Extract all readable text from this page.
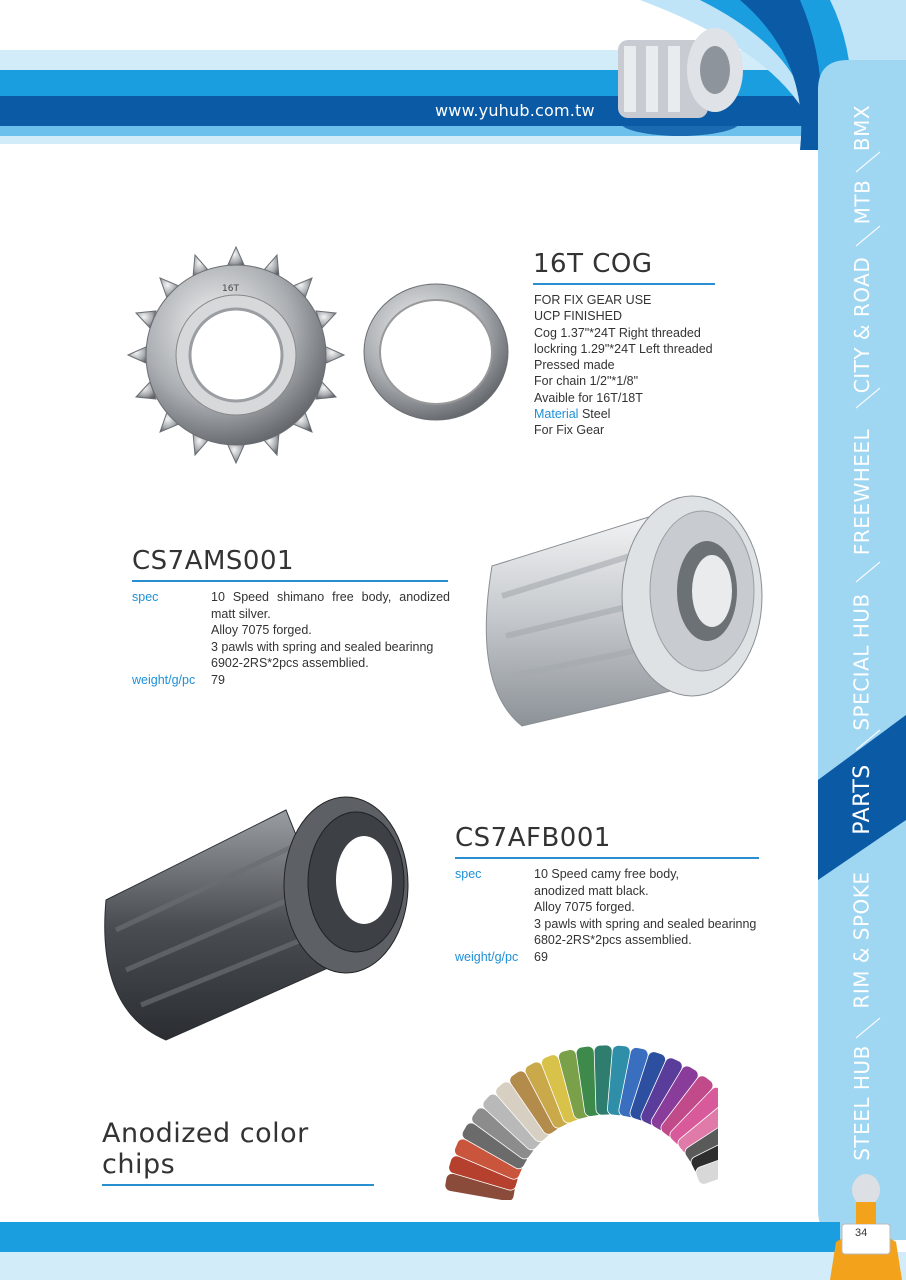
www.yuhub.com.tw	BMX
MTB
CITY & ROAD
FREEWHEEL
SPECIAL HUB
PARTS
RIM & SPOKE
STEEL HUB
16T
16T COG
FOR FIX GEAR USE
UCP FINISHED
Cog 1.37"*24T Right threaded
lockring 1.29"*24T Left threaded
Pressed made
For chain 1/2"*1/8"
Avaible for 16T/18T
Material Steel
For Fix Gear
CS7AMS001
spec	10 Speed shimano free body, anodized matt silver.
Alloy 7075 forged.
3 pawls with spring and sealed bearinng 6902-2RS*2pcs assemblied.
weight/g/pc	79
CS7AFB001
spec	10 Speed camy free body,
anodized matt black.
Alloy 7075 forged.
3 pawls with spring and sealed bearinng
6802-2RS*2pcs assemblied.
weight/g/pc	69
Anodized color chips
34
